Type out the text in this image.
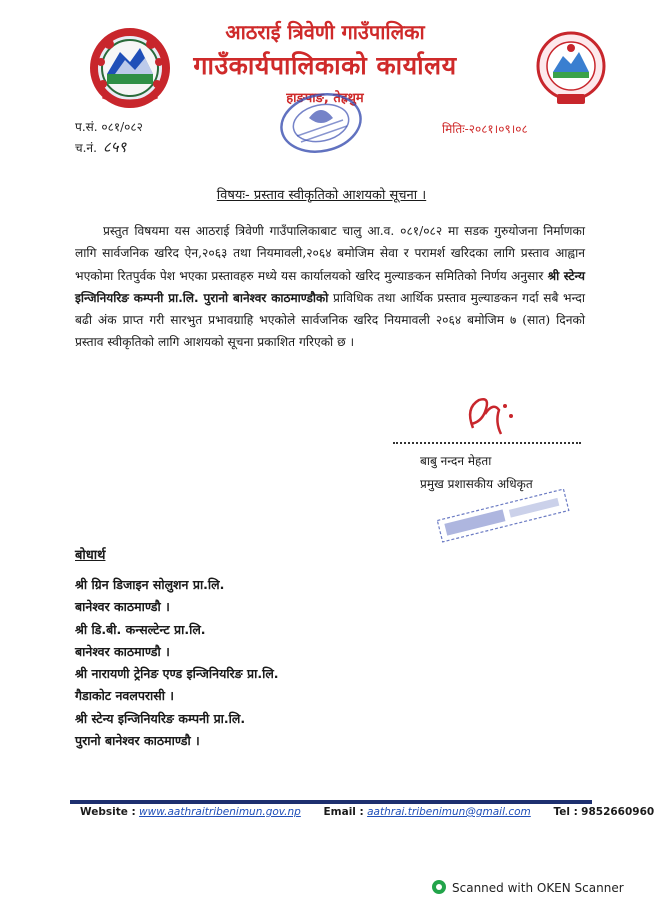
आठराई त्रिवेणी गाउँपालिका
गाउँकार्यपालिकाको कार्यालय
हाङपाङ, तेह्रथुम
प.सं. ०८१/०८२
च.नं. ८५९
मितिः-२०८१।०९।०८
विषयः- प्रस्ताव स्वीकृतिको आशयको सूचना ।

प्रस्तुत विषयमा यस आठराई त्रिवेणी गाउँपालिकाबाट चालु आ.व. ०८१/०८२ मा सडक गुरुयोजना निर्माणका लागि सार्वजनिक खरिद ऐन,२०६३ तथा नियमावली,२०६४ बमोजिम सेवा र परामर्श खरिदका लागि प्रस्ताव आह्वान भएकोमा रितपुर्वक पेश भएका प्रस्तावहरु मध्ये यस कार्यालयको खरिद मुल्याङकन समितिको निर्णय अनुसार श्री स्टेन्य इन्जिनियरिङ कम्पनी प्रा.लि. पुरानो बानेश्वर काठमाण्डौको प्राविधिक तथा आर्थिक प्रस्ताव मुल्याङकन गर्दा सबै भन्दा बढी अंक प्राप्त गरी सारभुत प्रभावग्राहि भएकोले सार्वजनिक खरिद नियमावली २०६४ बमोजिम ७ (सात) दिनको प्रस्ताव स्वीकृतिको लागि आशयको सूचना प्रकाशित गरिएको छ ।

बाबु नन्दन मेहता
प्रमुख प्रशासकीय अधिकृत
बोधार्थ
श्री ग्रिन डिजाइन सोलुशन प्रा.लि.
बानेश्वर काठमाण्डौ ।
श्री डि.बी. कन्सल्टेन्ट प्रा.लि.
बानेश्वर काठमाण्डौ ।
श्री नारायणी ट्रेनिङ एण्ड इन्जिनियरिङ प्रा.लि.
गैडाकोट नवलपरासी ।
श्री स्टेन्य इन्जिनियरिङ कम्पनी प्रा.लि.
पुरानो बानेश्वर काठमाण्डौ ।
Website : www.aathraitribenimun.gov.np Email : aathrai.tribenimun@gmail.com Tel : 9852660960
Scanned with OKEN Scanner
